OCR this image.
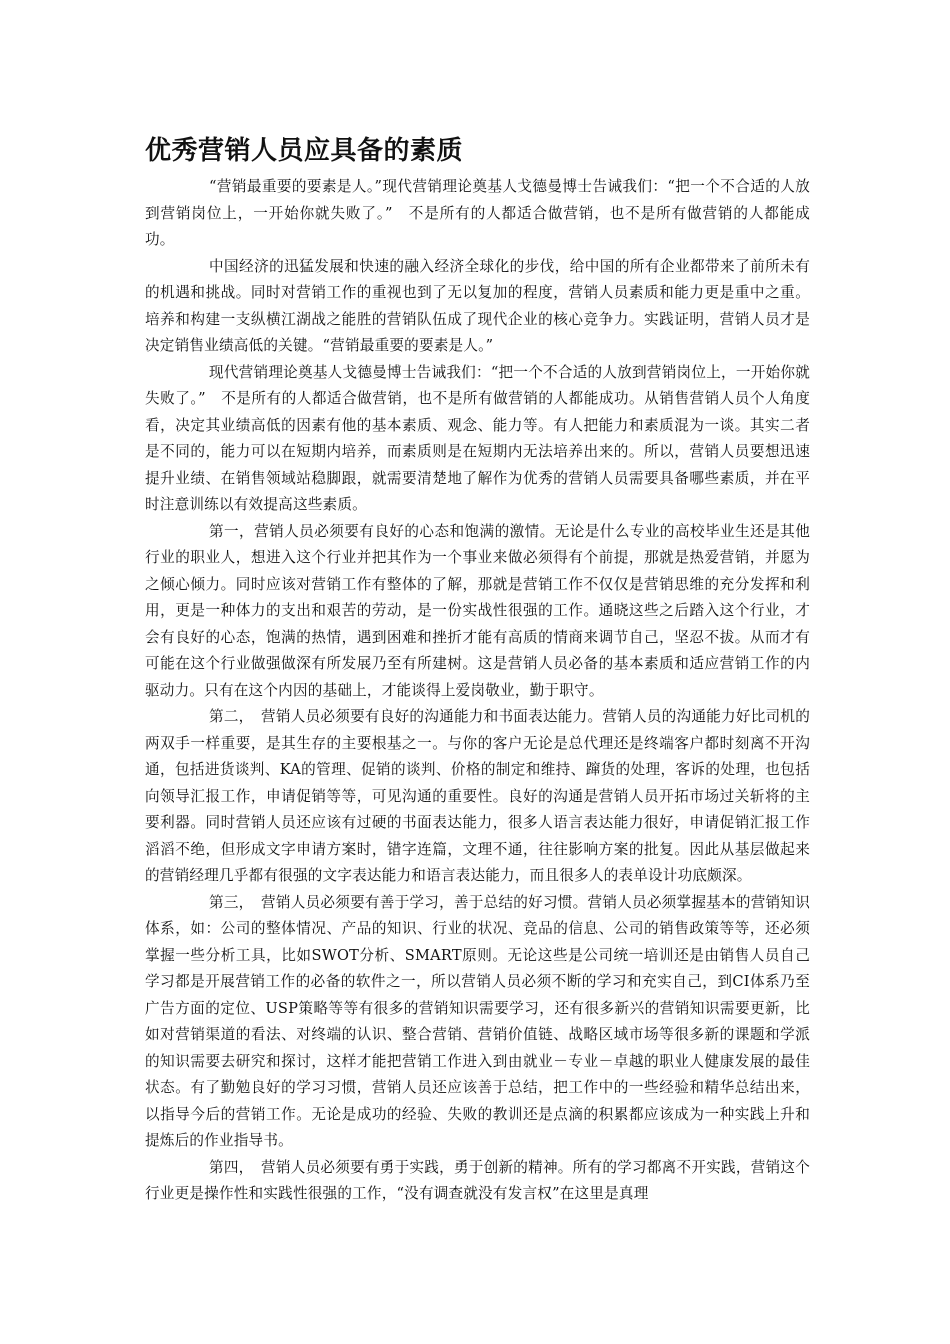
优秀营销人员应具备的素质

“营销最重要的要素是人。”现代营销理论奠基人戈德曼博士告诫我们：“把一个不合适的人放到营销岗位上，一开始你就失败了。”　不是所有的人都适合做营销，也不是所有做营销的人都能成功。

中国经济的迅猛发展和快速的融入经济全球化的步伐，给中国的所有企业都带来了前所未有的机遇和挑战。同时对营销工作的重视也到了无以复加的程度，营销人员素质和能力更是重中之重。培养和构建一支纵横江湖战之能胜的营销队伍成了现代企业的核心竞争力。实践证明，营销人员才是决定销售业绩高低的关键。“营销最重要的要素是人。”

现代营销理论奠基人戈德曼博士告诫我们：“把一个不合适的人放到营销岗位上，一开始你就失败了。”　不是所有的人都适合做营销，也不是所有做营销的人都能成功。从销售营销人员个人角度看，决定其业绩高低的因素有他的基本素质、观念、能力等。有人把能力和素质混为一谈。其实二者是不同的，能力可以在短期内培养，而素质则是在短期内无法培养出来的。所以，营销人员要想迅速提升业绩、在销售领域站稳脚跟，就需要清楚地了解作为优秀的营销人员需要具备哪些素质，并在平时注意训练以有效提高这些素质。

第一，营销人员必须要有良好的心态和饱满的激情。无论是什么专业的高校毕业生还是其他行业的职业人，想进入这个行业并把其作为一个事业来做必须得有个前提，那就是热爱营销，并愿为之倾心倾力。同时应该对营销工作有整体的了解，那就是营销工作不仅仅是营销思维的充分发挥和利用，更是一种体力的支出和艰苦的劳动，是一份实战性很强的工作。通晓这些之后踏入这个行业，才会有良好的心态，饱满的热情，遇到困难和挫折才能有高质的情商来调节自己，坚忍不拔。从而才有可能在这个行业做强做深有所发展乃至有所建树。这是营销人员必备的基本素质和适应营销工作的内驱动力。只有在这个内因的基础上，才能谈得上爱岗敬业，勤于职守。

第二，　营销人员必须要有良好的沟通能力和书面表达能力。营销人员的沟通能力好比司机的两双手一样重要，是其生存的主要根基之一。与你的客户无论是总代理还是终端客户都时刻离不开沟通，包括进货谈判、KA的管理、促销的谈判、价格的制定和维持、蹿货的处理，客诉的处理，也包括向领导汇报工作，申请促销等等，可见沟通的重要性。良好的沟通是营销人员开拓市场过关斩将的主要利器。同时营销人员还应该有过硬的书面表达能力，很多人语言表达能力很好，申请促销汇报工作滔滔不绝，但形成文字申请方案时，错字连篇，文理不通，往往影响方案的批复。因此从基层做起来的营销经理几乎都有很强的文字表达能力和语言表达能力，而且很多人的表单设计功底颇深。

第三，　营销人员必须要有善于学习，善于总结的好习惯。营销人员必须掌握基本的营销知识体系，如：公司的整体情况、产品的知识、行业的状况、竞品的信息、公司的销售政策等等，还必须掌握一些分析工具，比如SWOT分析、SMART原则。无论这些是公司统一培训还是由销售人员自己学习都是开展营销工作的必备的软件之一，所以营销人员必须不断的学习和充实自己，到CI体系乃至广告方面的定位、USP策略等等有很多的营销知识需要学习，还有很多新兴的营销知识需要更新，比如对营销渠道的看法、对终端的认识、整合营销、营销价值链、战略区域市场等很多新的课题和学派的知识需要去研究和探讨，这样才能把营销工作进入到由就业－专业－卓越的职业人健康发展的最佳状态。有了勤勉良好的学习习惯，营销人员还应该善于总结，把工作中的一些经验和精华总结出来，以指导今后的营销工作。无论是成功的经验、失败的教训还是点滴的积累都应该成为一种实践上升和提炼后的作业指导书。

第四，　营销人员必须要有勇于实践，勇于创新的精神。所有的学习都离不开实践，营销这个行业更是操作性和实践性很强的工作，“没有调查就没有发言权”在这里是真理
